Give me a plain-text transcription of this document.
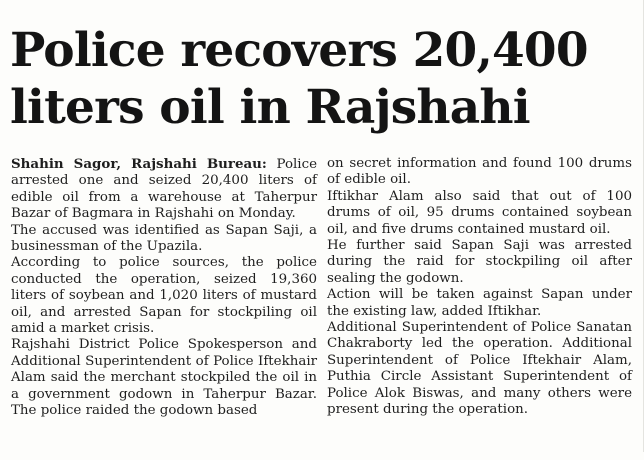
Police recovers 20,400
liters oil in Rajshahi

Shahin Sagor, Rajshahi Bureau: Police arrested one and seized 20,400 liters of edible oil from a warehouse at Taherpur Bazar of Bagmara in Rajshahi on Monday.

The accused was identified as Sapan Saji, a businessman of the Upazila.

According to police sources, the police conducted the operation, seized 19,360 liters of soybean and 1,020 liters of mustard oil, and arrested Sapan for stockpiling oil amid a market crisis.

Rajshahi District Police Spokesperson and Additional Superintendent of Police Iftekhair Alam said the merchant stockpiled the oil in a government godown in Taherpur Bazar. The police raided the godown based

on secret information and found 100 drums of edible oil.

Iftikhar Alam also said that out of 100 drums of oil, 95 drums contained soybean oil, and five drums contained mustard oil.

He further said Sapan Saji was arrested during the raid for stockpiling oil after sealing the godown.

Action will be taken against Sapan under the existing law, added Iftikhar.

Additional Superintendent of Police Sanatan Chakraborty led the operation. Additional Superintendent of Police Iftekhair Alam, Puthia Circle Assistant Superintendent of Police Alok Biswas, and many others were present during the operation.
